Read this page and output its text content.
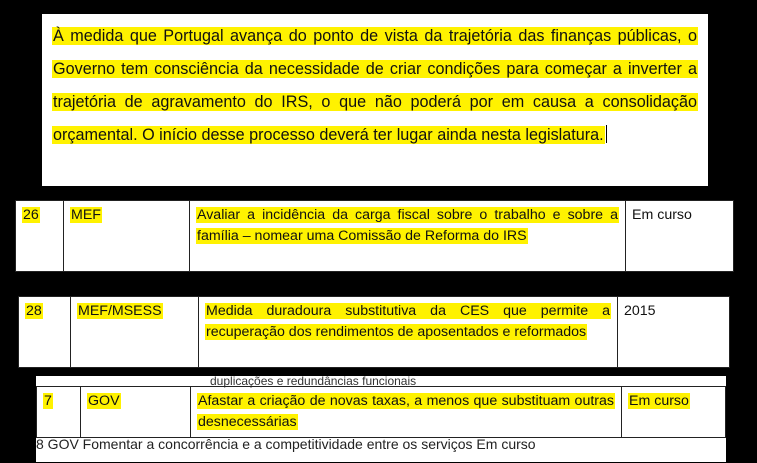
À medida que Portugal avança do ponto de vista da trajetória das finanças públicas, o Governo tem consciência da necessidade de criar condições para começar a inverter a trajetória de agravamento do IRS, o que não poderá por em causa a consolidação orçamental. O início desse processo deverá ter lugar ainda nesta legislatura.

26	MEF	Avaliar a incidência da carga fiscal sobre o trabalho e sobre a família – nomear uma Comissão de Reforma do IRS	Em curso
28	MEF/MSESS	Medida duradoura substitutiva da CES que permite a recuperação dos rendimentos de aposentados e reformados	2015
duplicações e redundâncias funcionais
7	GOV	Afastar a criação de novas taxas, a menos que substituam outras desnecessárias	Em curso
8 GOV Fomentar a concorrência e a competitividade entre os serviços Em curso
